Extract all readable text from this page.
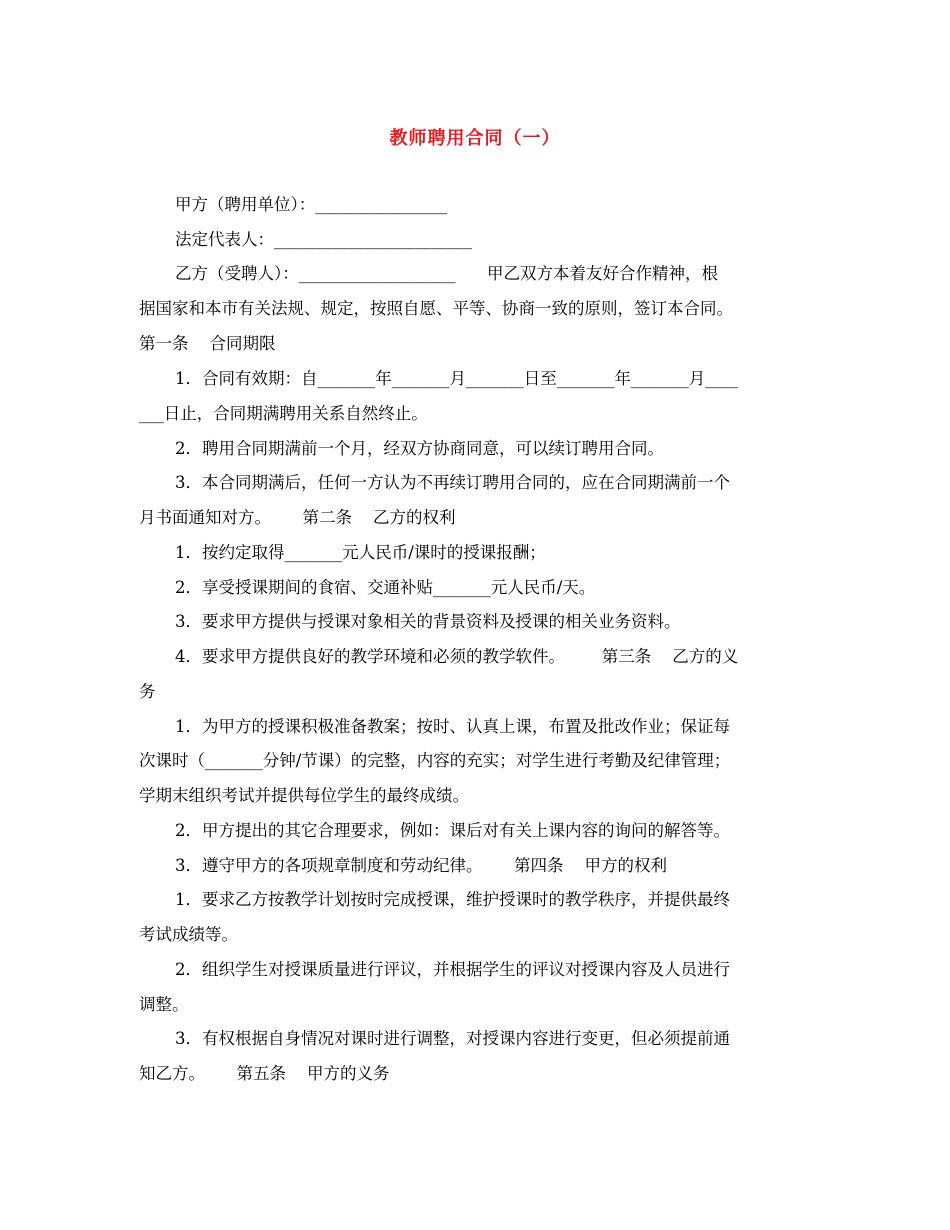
教师聘用合同（一）
甲方（聘用单位）：________________
法定代表人：________________________
乙方（受聘人）：___________________      甲乙双方本着友好合作精神，根
据国家和本市有关法规、规定，按照自愿、平等、协商一致的原则，签订本合同。
第一条    合同期限
1．合同有效期：自_______年_______月_______日至_______年_______月____
___日止，合同期满聘用关系自然终止。
2．聘用合同期满前一个月，经双方协商同意，可以续订聘用合同。
3．本合同期满后，任何一方认为不再续订聘用合同的，应在合同期满前一个
月书面通知对方。      第二条    乙方的权利
1．按约定取得_______元人民币/课时的授课报酬；
2．享受授课期间的食宿、交通补贴_______元人民币/天。
3．要求甲方提供与授课对象相关的背景资料及授课的相关业务资料。
4．要求甲方提供良好的教学环境和必须的教学软件。       第三条    乙方的义
务
1．为甲方的授课积极准备教案；按时、认真上课，布置及批改作业；保证每
次课时（_______分钟/节课）的完整，内容的充实；对学生进行考勤及纪律管理；
学期末组织考试并提供每位学生的最终成绩。
2．甲方提出的其它合理要求，例如：课后对有关上课内容的询问的解答等。
3．遵守甲方的各项规章制度和劳动纪律。      第四条    甲方的权利
1．要求乙方按教学计划按时完成授课，维护授课时的教学秩序，并提供最终
考试成绩等。
2．组织学生对授课质量进行评议，并根据学生的评议对授课内容及人员进行
调整。
3．有权根据自身情况对课时进行调整，对授课内容进行变更，但必须提前通
知乙方。      第五条    甲方的义务
